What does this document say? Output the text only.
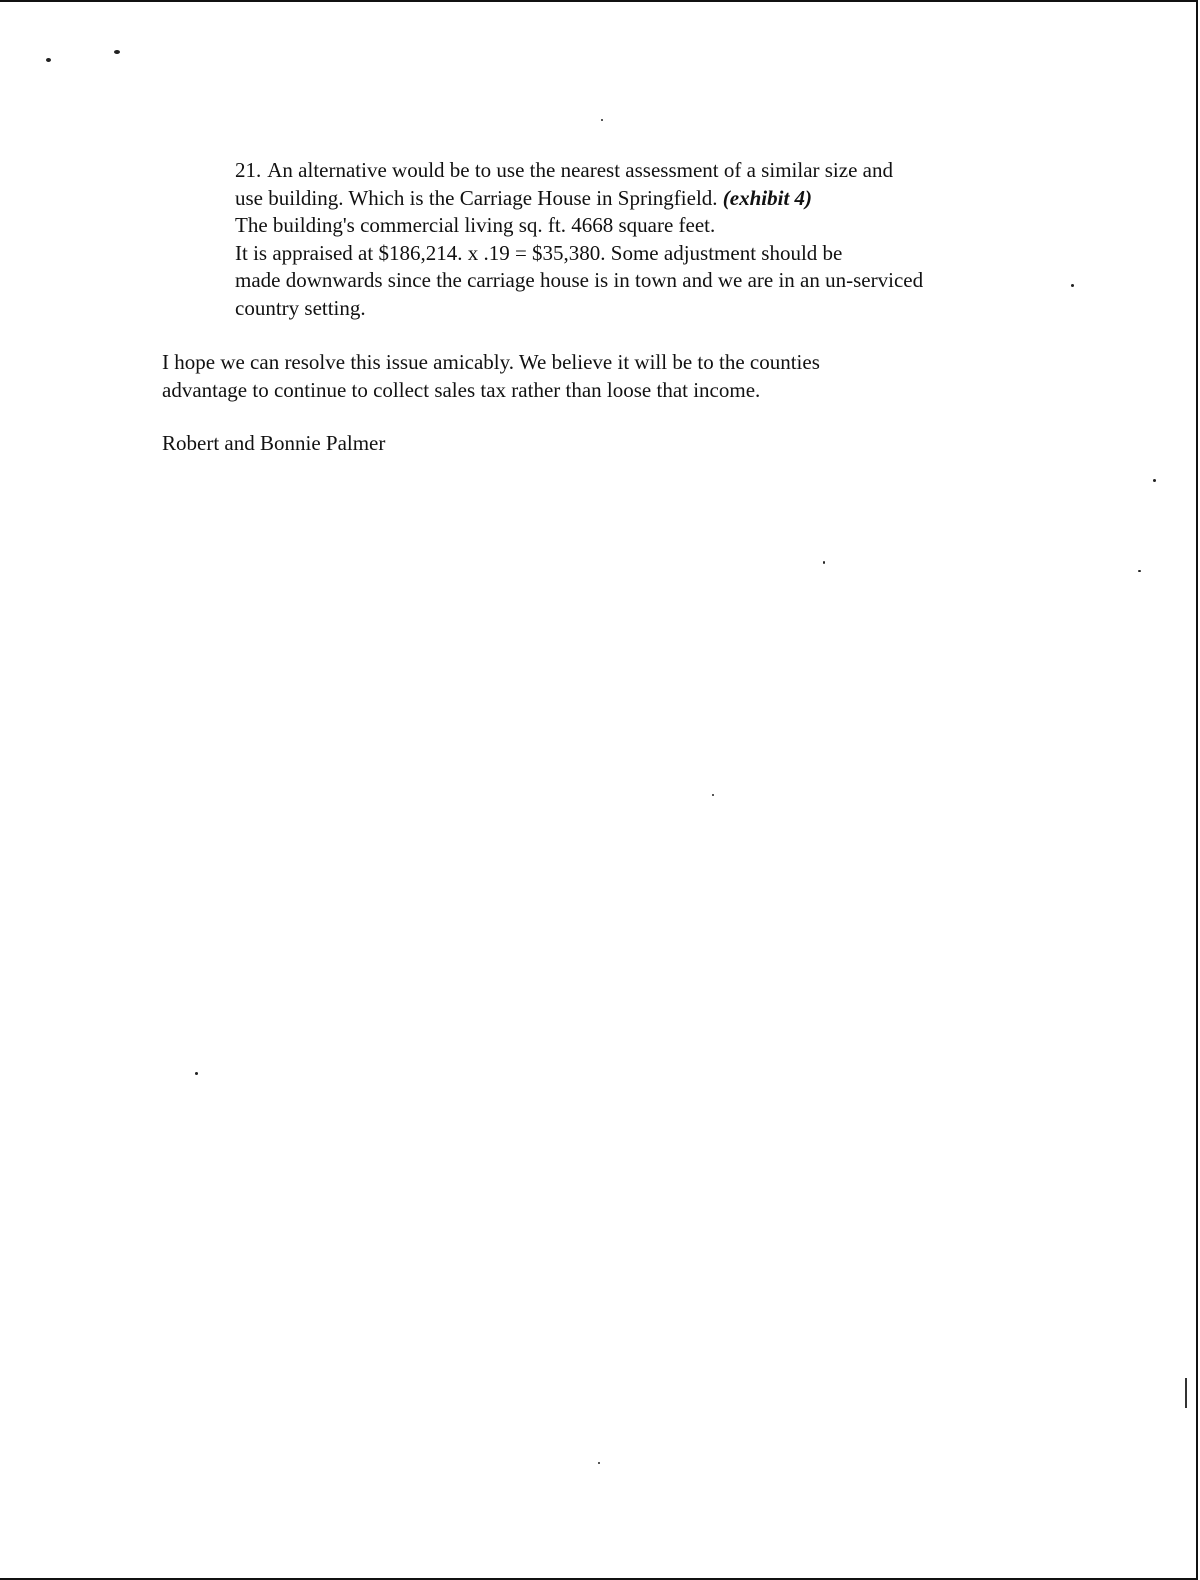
21. An alternative would be to use the nearest assessment of a similar size and
use building. Which is the Carriage House in Springfield. (exhibit 4)
The building's commercial living sq. ft. 4668 square feet.
It is appraised at $186,214. x .19 = $35,380. Some adjustment should be
made downwards since the carriage house is in town and we are in an un-serviced
country setting.
I hope we can resolve this issue amicably. We believe it will be to the counties
advantage to continue to collect sales tax rather than loose that income.
Robert and Bonnie Palmer
